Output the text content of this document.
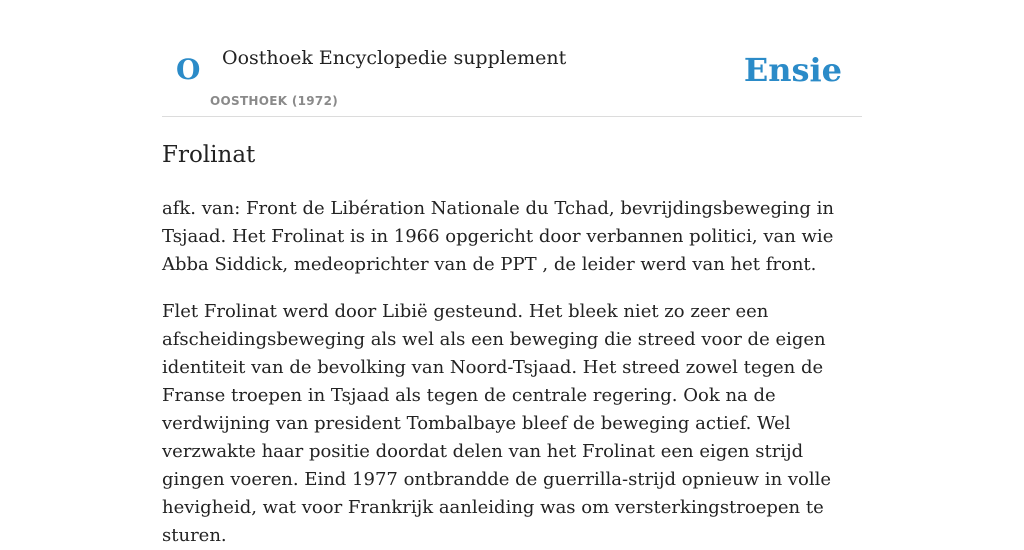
O Oosthoek Encyclopedie supplement
OOSTHOEK (1972)
Ensie
Frolinat

afk. van: Front de Libération Nationale du Tchad, bevrijdingsbeweging in Tsjaad. Het Frolinat is in 1966 opgericht door verbannen politici, van wie Abba Siddick, medeoprichter van de PPT , de leider werd van het front.

Flet Frolinat werd door Libië gesteund. Het bleek niet zo zeer een afscheidingsbeweging als wel als een beweging die streed voor de eigen identiteit van de bevolking van Noord-Tsjaad. Het streed zowel tegen de Franse troepen in Tsjaad als tegen de centrale regering. Ook na de verdwijning van president Tombalbaye bleef de beweging actief. Wel verzwakte haar positie doordat delen van het Frolinat een eigen strijd gingen voeren. Eind 1977 ontbrandde de guerrilla-strijd opnieuw in volle hevigheid, wat voor Frankrijk aanleiding was om versterkingstroepen te sturen.
